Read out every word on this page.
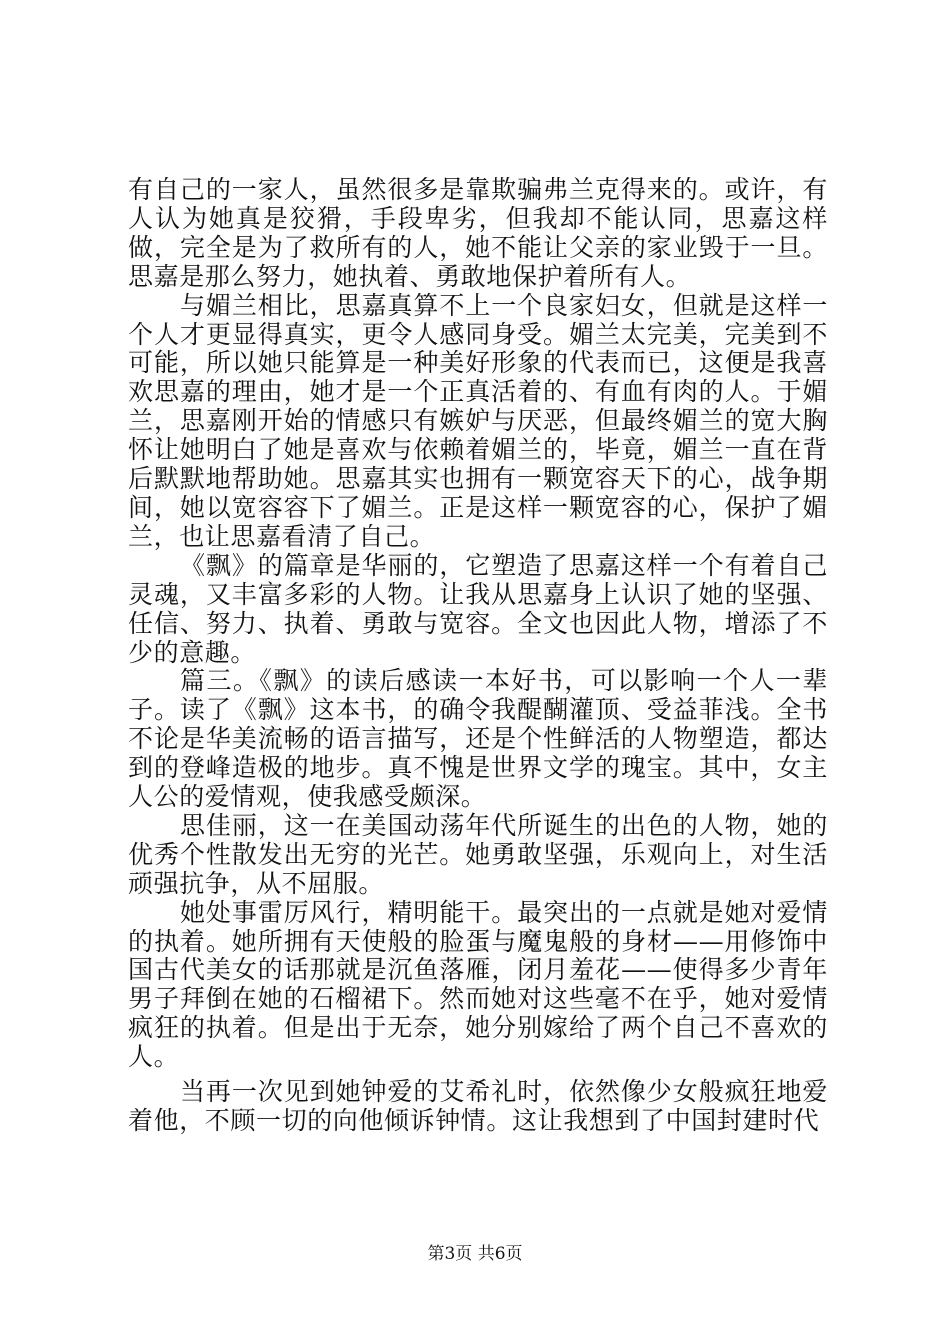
有自己的一家人，虽然很多是靠欺骗弗兰克得来的。或许，有人认为她真是狡猾，手段卑劣，但我却不能认同，思嘉这样做，完全是为了救所有的人，她不能让父亲的家业毁于一旦。思嘉是那么努力，她执着、勇敢地保护着所有人。

与媚兰相比，思嘉真算不上一个良家妇女，但就是这样一个人才更显得真实，更令人感同身受。媚兰太完美，完美到不可能，所以她只能算是一种美好形象的代表而已，这便是我喜欢思嘉的理由，她才是一个正真活着的、有血有肉的人。于媚兰，思嘉刚开始的情感只有嫉妒与厌恶，但最终媚兰的宽大胸怀让她明白了她是喜欢与依赖着媚兰的，毕竟，媚兰一直在背后默默地帮助她。思嘉其实也拥有一颗宽容天下的心，战争期间，她以宽容容下了媚兰。正是这样一颗宽容的心，保护了媚兰，也让思嘉看清了自己。

《飘》的篇章是华丽的，它塑造了思嘉这样一个有着自己灵魂，又丰富多彩的人物。让我从思嘉身上认识了她的坚强、任信、努力、执着、勇敢与宽容。全文也因此人物，增添了不少的意趣。

篇三。《飘》的读后感读一本好书，可以影响一个人一辈子。读了《飘》这本书，的确令我醍醐灌顶、受益菲浅。全书不论是华美流畅的语言描写，还是个性鲜活的人物塑造，都达到的登峰造极的地步。真不愧是世界文学的瑰宝。其中，女主人公的爱情观，使我感受颇深。

思佳丽，这一在美国动荡年代所诞生的出色的人物，她的优秀个性散发出无穷的光芒。她勇敢坚强，乐观向上，对生活顽强抗争，从不屈服。

她处事雷厉风行，精明能干。最突出的一点就是她对爱情的执着。她所拥有天使般的脸蛋与魔鬼般的身材——用修饰中国古代美女的话那就是沉鱼落雁，闭月羞花——使得多少青年男子拜倒在她的石榴裙下。然而她对这些毫不在乎，她对爱情疯狂的执着。但是出于无奈，她分别嫁给了两个自己不喜欢的人。

当再一次见到她钟爱的艾希礼时，依然像少女般疯狂地爱着他，不顾一切的向他倾诉钟情。这让我想到了中国封建时代

第3页 共6页
